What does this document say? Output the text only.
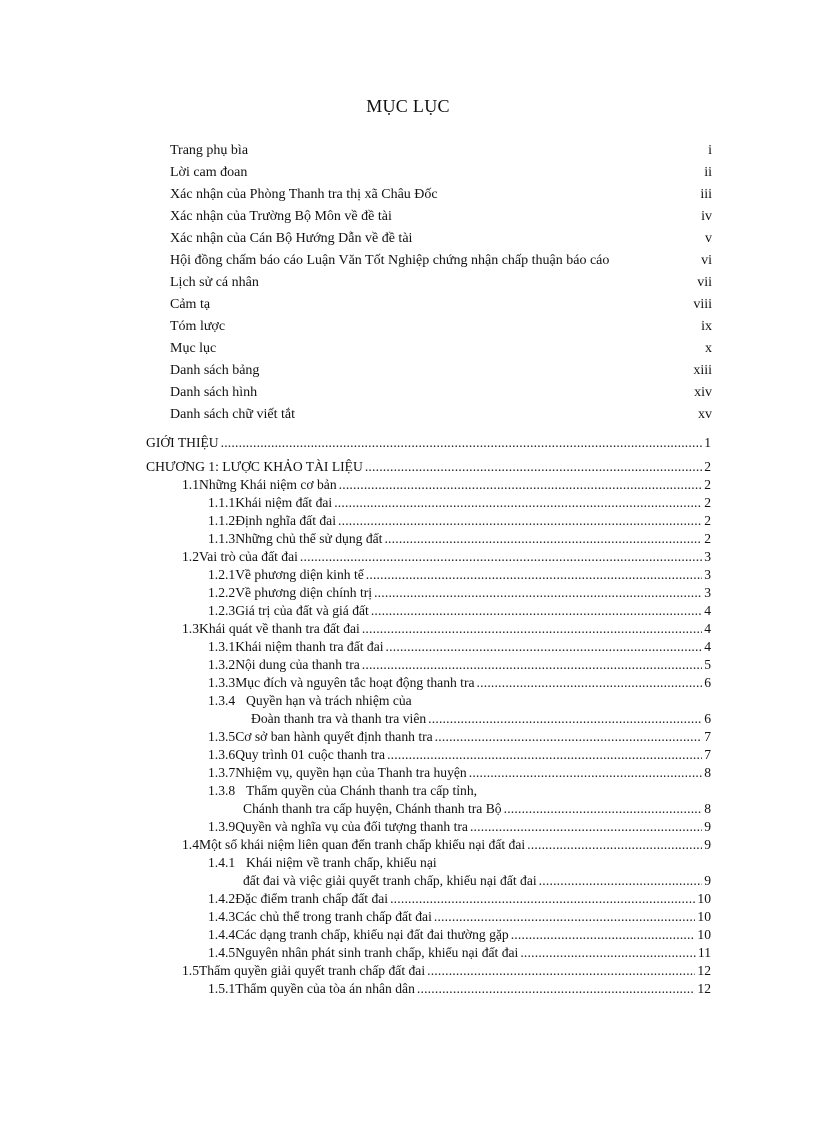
MỤC LỤC
Trang phụ bìa	i
Lời cam đoan	ii
Xác nhận của Phòng Thanh tra thị xã Châu Đốc	iii
Xác nhận của Trường Bộ Môn về đề tài	iv
Xác nhận của Cán Bộ Hướng Dẫn về đề tài	v
Hội đồng chấm báo cáo Luận Văn Tốt Nghiệp chứng nhận chấp thuận báo cáo	vi
Lịch sử cá nhân	vii
Cảm tạ	viii
Tóm lược	ix
Mục lục	x
Danh sách bảng	xiii
Danh sách hình	xiv
Danh sách chữ viết tắt	xv
GIỚI THIỆU .....	1
CHƯƠNG 1: LƯỢC KHẢO TÀI LIỆU .....	2
1.1 Những Khái niệm cơ bản .....	2
1.1.1 Khái niệm đất đai .....	2
1.1.2 Định nghĩa đất đai .....	2
1.1.3 Những chủ thể sử dụng đất .....	2
1.2 Vai trò của đất đai .....	3
1.2.1 Về phương diện kinh tế .....	3
1.2.2 Về phương diện chính trị .....	3
1.2.3 Giá trị của đất và giá đất .....	4
1.3 Khái quát về thanh tra đất đai .....	4
1.3.1 Khái niệm thanh tra đất đai .....	4
1.3.2 Nội dung của thanh tra .....	5
1.3.3 Mục đích và nguyên tắc hoạt động thanh tra .....	6
1.3.4 Quyền hạn và trách nhiệm của
Đoàn thanh tra và thanh tra viên .....	6
1.3.5 Cơ sở ban hành quyết định thanh tra .....	7
1.3.6 Quy trình 01 cuộc thanh tra .....	7
1.3.7 Nhiệm vụ, quyền hạn của Thanh tra huyện .....	8
1.3.8 Thẩm quyền của Chánh thanh tra cấp tỉnh,
Chánh thanh tra cấp huyện, Chánh thanh tra Bộ .....	8
1.3.9 Quyền và nghĩa vụ của đối tượng thanh tra .....	9
1.4 Một số khái niệm liên quan đến tranh chấp khiếu nại đất đai .....	9
1.4.1 Khái niệm về tranh chấp, khiếu nại
đất đai và việc giải quyết tranh chấp, khiếu nại đất đai .....	9
1.4.2 Đặc điểm tranh chấp đất đai .....	10
1.4.3 Các chủ thể trong tranh chấp đất đai .....	10
1.4.4 Các dạng tranh chấp, khiếu nại đất đai thường gặp .....	10
1.4.5 Nguyên nhân phát sinh tranh chấp, khiếu nại đất đai .....	11
1.5 Thẩm quyền giải quyết tranh chấp đất đai .....	12
1.5.1 Thẩm quyền của tòa án nhân dân .....	12
